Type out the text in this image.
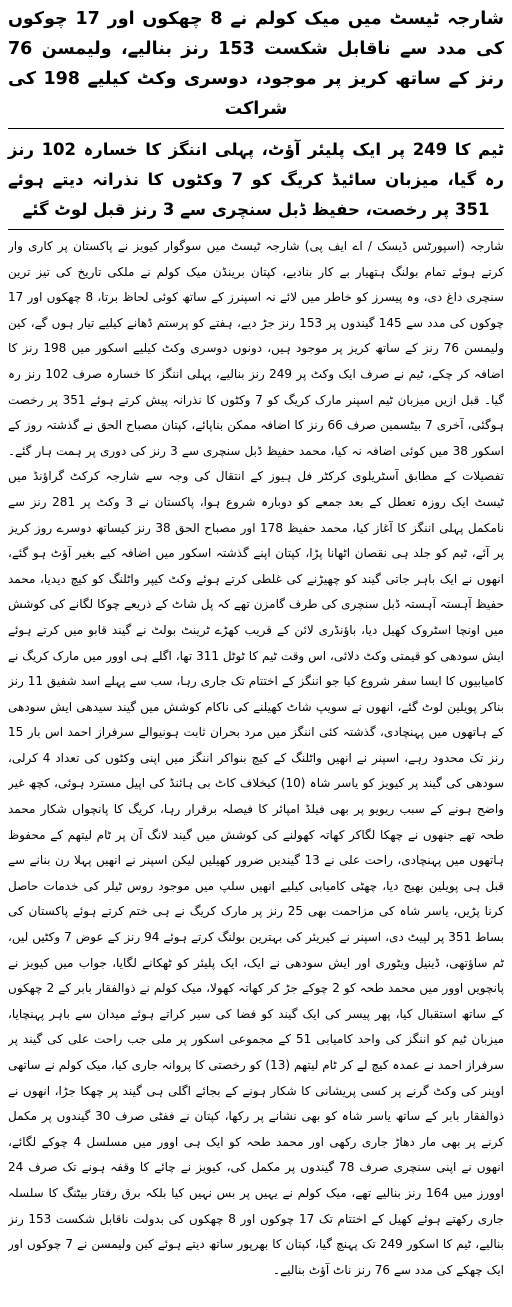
شارجہ ٹیسٹ میں میک کولم نے 8 چھکوں اور 17 چوکوں کی مدد سے ناقابل شکست 153 رنز بنالیے، ولیمسن 76 رنز کے ساتھ کریز پر موجود، دوسری وکٹ کیلیے 198 کی شراکت
ٹیم کا 249 پر ایک پلیئر آؤٹ، پہلی اننگز کا خسارہ 102 رنز رہ گیا، میزبان سائیڈ کریگ کو 7 وکٹوں کا نذرانہ دیتے ہوئے 351 پر رخصت، حفیظ ڈبل سنچری سے 3 رنز قبل لوٹ گئے

شارجہ (اسپورٹس ڈیسک / اے ایف پی) شارجہ ٹیسٹ میں سوگوار کیویز نے پاکستان پر کاری وار کرتے ہوئے تمام بولنگ ہتھیار بے کار بنادیے، کپتان برینڈن میک کولم نے ملکی تاریخ کی تیز ترین سنچری داغ دی، وہ پیسرز کو خاطر میں لائے نہ اسپنرز کے ساتھ کوئی لحاظ برتا، 8 چھکوں اور 17 چوکوں کی مدد سے 145 گیندوں پر 153 رنز جڑ دیے، ہفتے کو پرستم ڈھانے کیلیے تیار ہوں گے، کین ولیمسن 76 رنز کے ساتھ کریز پر موجود ہیں، دونوں دوسری وکٹ کیلیے اسکور میں 198 رنز کا اضافہ کر چکے، ٹیم نے صرف ایک وکٹ پر 249 رنز بنالیے، پہلی اننگز کا خسارہ صرف 102 رنز رہ گیا۔ قبل ازیں میزبان ٹیم اسپنر مارک کریگ کو 7 وکٹوں کا نذرانہ پیش کرتے ہوئے 351 پر رخصت ہوگئی، آخری 7 بیٹسمین صرف 66 رنز کا اضافہ ممکن بناپائے، کپتان مصباح الحق نے گذشتہ روز کے اسکور 38 میں کوئی اضافہ نہ کیا، محمد حفیظ ڈبل سنچری سے 3 رنز کی دوری پر ہمت ہار گئے۔ تفصیلات کے مطابق آسٹریلوی کرکٹر فل ہیوز کے انتقال کی وجہ سے شارجہ کرکٹ گراؤنڈ میں ٹیسٹ ایک روزہ تعطل کے بعد جمعے کو دوبارہ شروع ہوا، پاکستان نے 3 وکٹ پر 281 رنز سے نامکمل پہلی اننگز کا آغاز کیا، محمد حفیظ 178 اور مصباح الحق 38 رنز کیساتھ دوسرے روز کریز پر آئے، ٹیم کو جلد ہی نقصان اٹھانا پڑا، کپتان اپنے گذشتہ اسکور میں اضافہ کیے بغیر آؤٹ ہو گئے، انھوں نے ایک باہر جاتی گیند کو چھیڑنے کی غلطی کرتے ہوئے وکٹ کیپر واٹلنگ کو کیچ دیدیا، محمد حفیظ آہستہ آہستہ ڈبل سنچری کی طرف گامزن تھے کہ پل شاٹ کے ذریعے چوکا لگانے کی کوشش میں اونچا اسٹروک کھیل دیا، باؤنڈری لائن کے قریب کھڑے ٹرینٹ بولٹ نے گیند قابو میں کرتے ہوئے ایش سودھی کو قیمتی وکٹ دلائی، اس وقت ٹیم کا ٹوٹل 311 تھا، اگلے ہی اوور میں مارک کریگ نے کامیابیوں کا ایسا سفر شروع کیا جو اننگز کے اختتام تک جاری رہا، سب سے پہلے اسد شفیق 11 رنز بناکر پویلین لوٹ گئے، انھوں نے سویپ شاٹ کھیلنے کی ناکام کوشش میں گیند سیدھی ایش سودھی کے ہاتھوں میں پہنچادی، گذشتہ کئی اننگز میں مرد بحران ثابت ہونیوالے سرفراز احمد اس بار 15 رنز تک محدود رہے، اسپنر نے انھیں واٹلنگ کے کیچ بنواکر اننگز میں اپنی وکٹوں کی تعداد 4 کرلی، سودھی کی گیند پر کیویز کو یاسر شاہ (10) کیخلاف کاٹ بی ہائنڈ کی اپیل مسترد ہوئی، کچھ غیر واضح ہونے کے سبب ریویو پر بھی فیلڈ امپائر کا فیصلہ برقرار رہا، کریگ کا پانچواں شکار محمد طحہ تھے جنھوں نے چھکا لگاکر کھاتہ کھولنے کی کوشش میں گیند لانگ آن پر ٹام لیتھم کے محفوظ ہاتھوں میں پہنچادی، راحت علی نے 13 گیندیں ضرور کھیلیں لیکن اسپنر نے انھیں پہلا رن بنانے سے قبل ہی پویلین بھیج دیا، چھٹی کامیابی کیلیے انھیں سلپ میں موجود روس ٹیلر کی خدمات حاصل کرنا پڑیں، یاسر شاہ کی مزاحمت بھی 25 رنز پر مارک کریگ نے ہی ختم کرتے ہوئے پاکستان کی بساط 351 پر لپیٹ دی، اسپنر نے کیریئر کی بہترین بولنگ کرتے ہوئے 94 رنز کے عوض 7 وکٹیں لیں، ٹم ساؤتھی، ڈینیل ویٹوری اور ایش سودھی نے ایک، ایک پلیئر کو ٹھکانے لگایا، جواب میں کیویز نے پانچویں اوور میں محمد طحہ کو 2 چوکے جڑ کر کھاتہ کھولا، میک کولم نے ذوالفقار بابر کے 2 چھکوں کے ساتھ استقبال کیا، پھر پیسر کی ایک گیند کو فضا کی سیر کراتے ہوئے میدان سے باہر پہنچایا، میزبان ٹیم کو اننگز کی واحد کامیابی 51 کے مجموعی اسکور پر ملی جب راحت علی کی گیند پر سرفراز احمد نے عمدہ کیچ لے کر ٹام لیتھم (13) کو رخصتی کا پروانہ جاری کیا، میک کولم نے ساتھی اوپنر کی وکٹ گرنے پر کسی پریشانی کا شکار ہونے کے بجائے اگلی ہی گیند پر چھکا جڑا، انھوں نے ذوالفقار بابر کے ساتھ یاسر شاہ کو بھی نشانے پر رکھا، کپتان نے ففٹی صرف 30 گیندوں پر مکمل کرنے پر بھی مار دھاڑ جاری رکھی اور محمد طحہ کو ایک ہی اوور میں مسلسل 4 چوکے لگائے، انھوں نے اپنی سنچری صرف 78 گیندوں پر مکمل کی، کیویز نے چائے کا وقفہ ہونے تک صرف 24 اوورز میں 164 رنز بنالیے تھے، میک کولم نے یہیں پر بس نہیں کیا بلکہ برق رفتار بیٹنگ کا سلسلہ جاری رکھتے ہوئے کھیل کے اختتام تک 17 چوکوں اور 8 چھکوں کی بدولت ناقابل شکست 153 رنز بنالیے، ٹیم کا اسکور 249 تک پہنچ گیا، کپتان کا بھرپور ساتھ دیتے ہوئے کین ولیمسن نے 7 چوکوں اور ایک چھکے کی مدد سے 76 رنز ناٹ آؤٹ بنالیے۔
